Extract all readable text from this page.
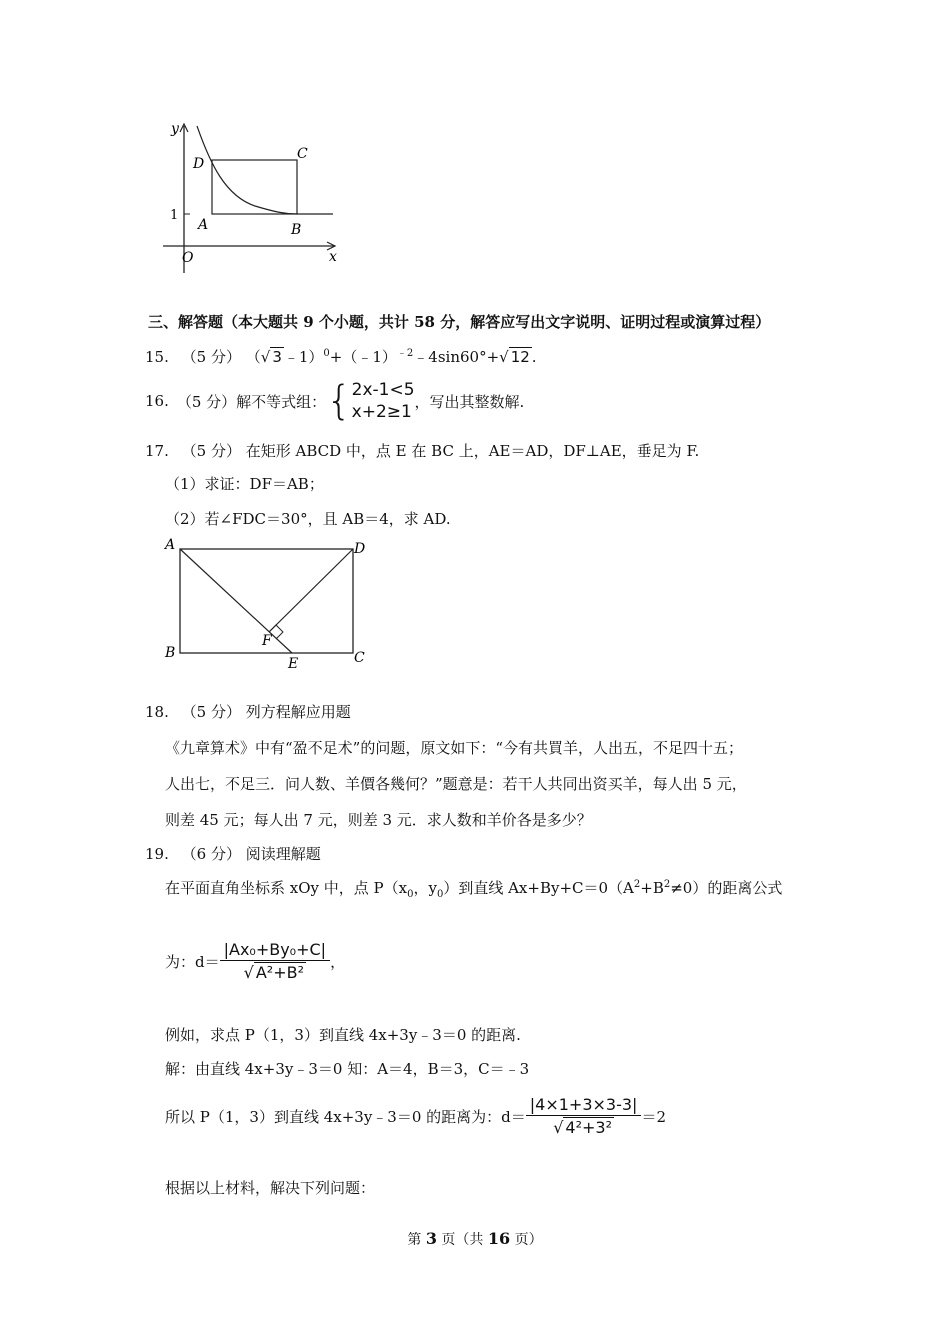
y
D
C
1
A	B
O	x
三、解答题（本大题共 9 个小题，共计 58 分，解答应写出文字说明、证明过程或演算过程）
15. （5 分） （√ 3 ﹣1）$^0$+（﹣1）$^{﹣2}$﹣4sin60°+√ 12 .
16. （5 分） 解不等式组： { 2x-1<5
x+2≥1
，写出其整数解.
17. （5 分） 在矩形 ABCD 中，点 E 在 BC 上，AE＝AD，DF⊥AE，垂足为 F.
（1）求证：DF＝AB；
（2）若∠FDC＝30°，且 AB＝4，求 AD.
A	D
B	C
F
E
18. （5 分） 列方程解应用题
《九章算术》中有“盈不足术”的问题，原文如下：“今有共買羊，人出五，不足四十五；
人出七，不足三．问人数、羊價各幾何？”题意是：若干人共同出资买羊，每人出 5 元，
则差 45 元；每人出 7 元，则差 3 元．求人数和羊价各是多少？
19. （6 分） 阅读理解题
在平面直角坐标系 xOy 中，点 $P(x_0$，$y_0$）到直线 $Ax+By+C=0(A^2+B^2\ne 0)$的距离公式
为：$d= \frac{\text{|Ax₀+By₀+C|}}{\text{√ A²+B²}}$ ，
例如，求点 P（1，3）到直线 4x+3y﹣3＝0 的距离.
解：由直线 4x+3y﹣3＝0 知：A＝4，B＝3，C＝﹣3
所以 P（1，3）到直线 4x+3y﹣3＝0 的距离为：$d= \frac{|4\times 1+3\times 3-3|}{\text{√ 4²+3²}} =2$
根据以上材料，解决下列问题：
第 3 页（共 16 页）
